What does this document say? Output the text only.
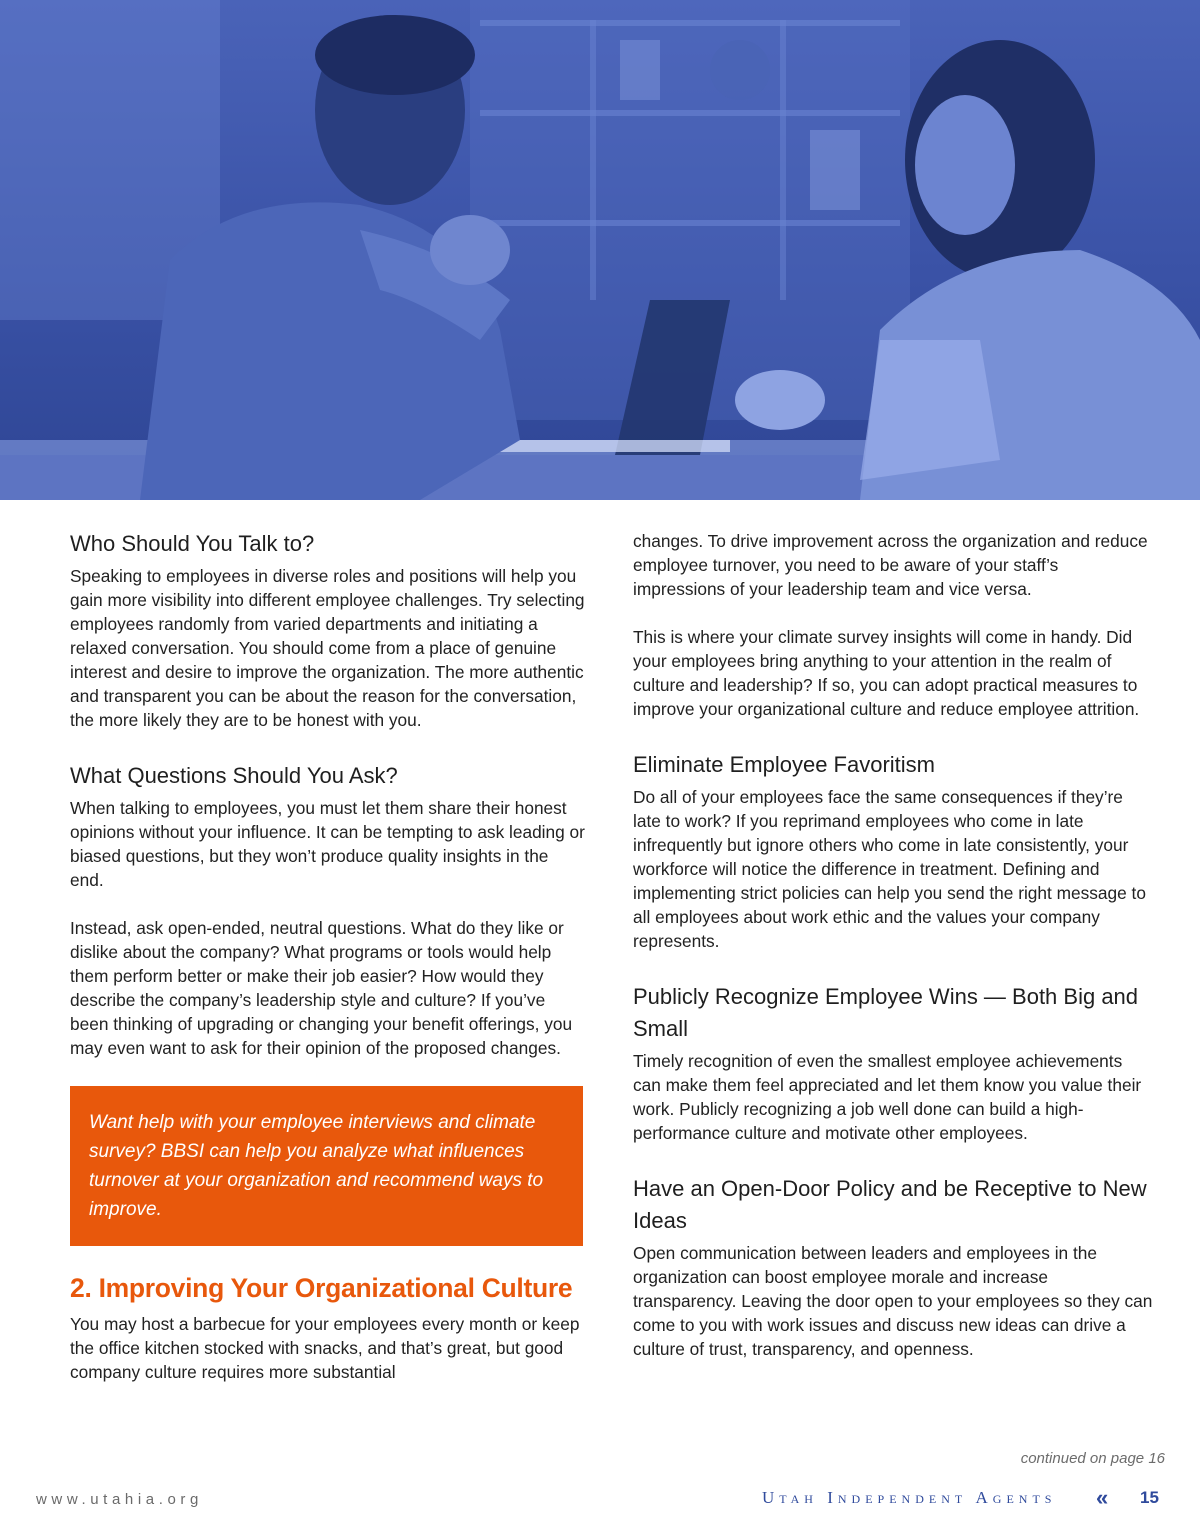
Who Should You Talk to?

Speaking to employees in diverse roles and positions will help you gain more visibility into different employee challenges. Try selecting employees randomly from varied departments and initiating a relaxed conversation. You should come from a place of genuine interest and desire to improve the organization. The more authentic and transparent you can be about the reason for the conversation, the more likely they are to be honest with you.

What Questions Should You Ask?

When talking to employees, you must let them share their honest opinions without your influence. It can be tempting to ask leading or biased questions, but they won’t produce quality insights in the end.

Instead, ask open-ended, neutral questions. What do they like or dislike about the company? What programs or tools would help them perform better or make their job easier? How would they describe the company’s leadership style and culture? If you’ve been thinking of upgrading or changing your benefit offerings, you may even want to ask for their opinion of the proposed changes.

Want help with your employee interviews and climate survey? BBSI can help you analyze what influences turnover at your organization and recommend ways to improve.

2. Improving Your Organizational Culture

You may host a barbecue for your employees every month or keep the office kitchen stocked with snacks, and that’s great, but good company culture requires more substantial

changes. To drive improvement across the organization and reduce employee turnover, you need to be aware of your staff’s impressions of your leadership team and vice versa.

This is where your climate survey insights will come in handy. Did your employees bring anything to your attention in the realm of culture and leadership? If so, you can adopt practical measures to improve your organizational culture and reduce employee attrition.

Eliminate Employee Favoritism

Do all of your employees face the same consequences if they’re late to work? If you reprimand employees who come in late infrequently but ignore others who come in late consistently, your workforce will notice the difference in treatment. Defining and implementing strict policies can help you send the right message to all employees about work ethic and the values your company represents.

Publicly Recognize Employee Wins — Both Big and Small

Timely recognition of even the smallest employee achievements can make them feel appreciated and let them know you value their work. Publicly recognizing a job well done can build a high-performance culture and motivate other employees.

Have an Open-Door Policy and be Receptive to New Ideas

Open communication between leaders and employees in the organization can boost employee morale and increase transparency. Leaving the door open to your employees so they can come to you with work issues and discuss new ideas can drive a culture of trust, transparency, and openness.

continued on page 16
www.utahia.org	Utah Independent Agents « 15
